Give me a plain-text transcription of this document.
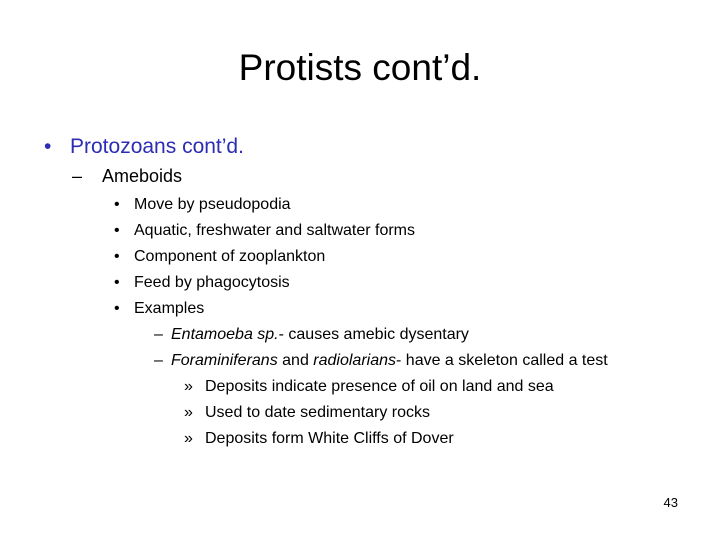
Protists cont’d.
• Protozoans cont’d.
– Ameboids
• Move by pseudopodia
• Aquatic, freshwater and saltwater forms
• Component of zooplankton
• Feed by phagocytosis
• Examples
– Entamoeba sp.- causes amebic dysentary
– Foraminiferans and radiolarians- have a skeleton called a test
» Deposits indicate presence of oil on land and sea
» Used to date sedimentary rocks
» Deposits form White Cliffs of Dover
43
